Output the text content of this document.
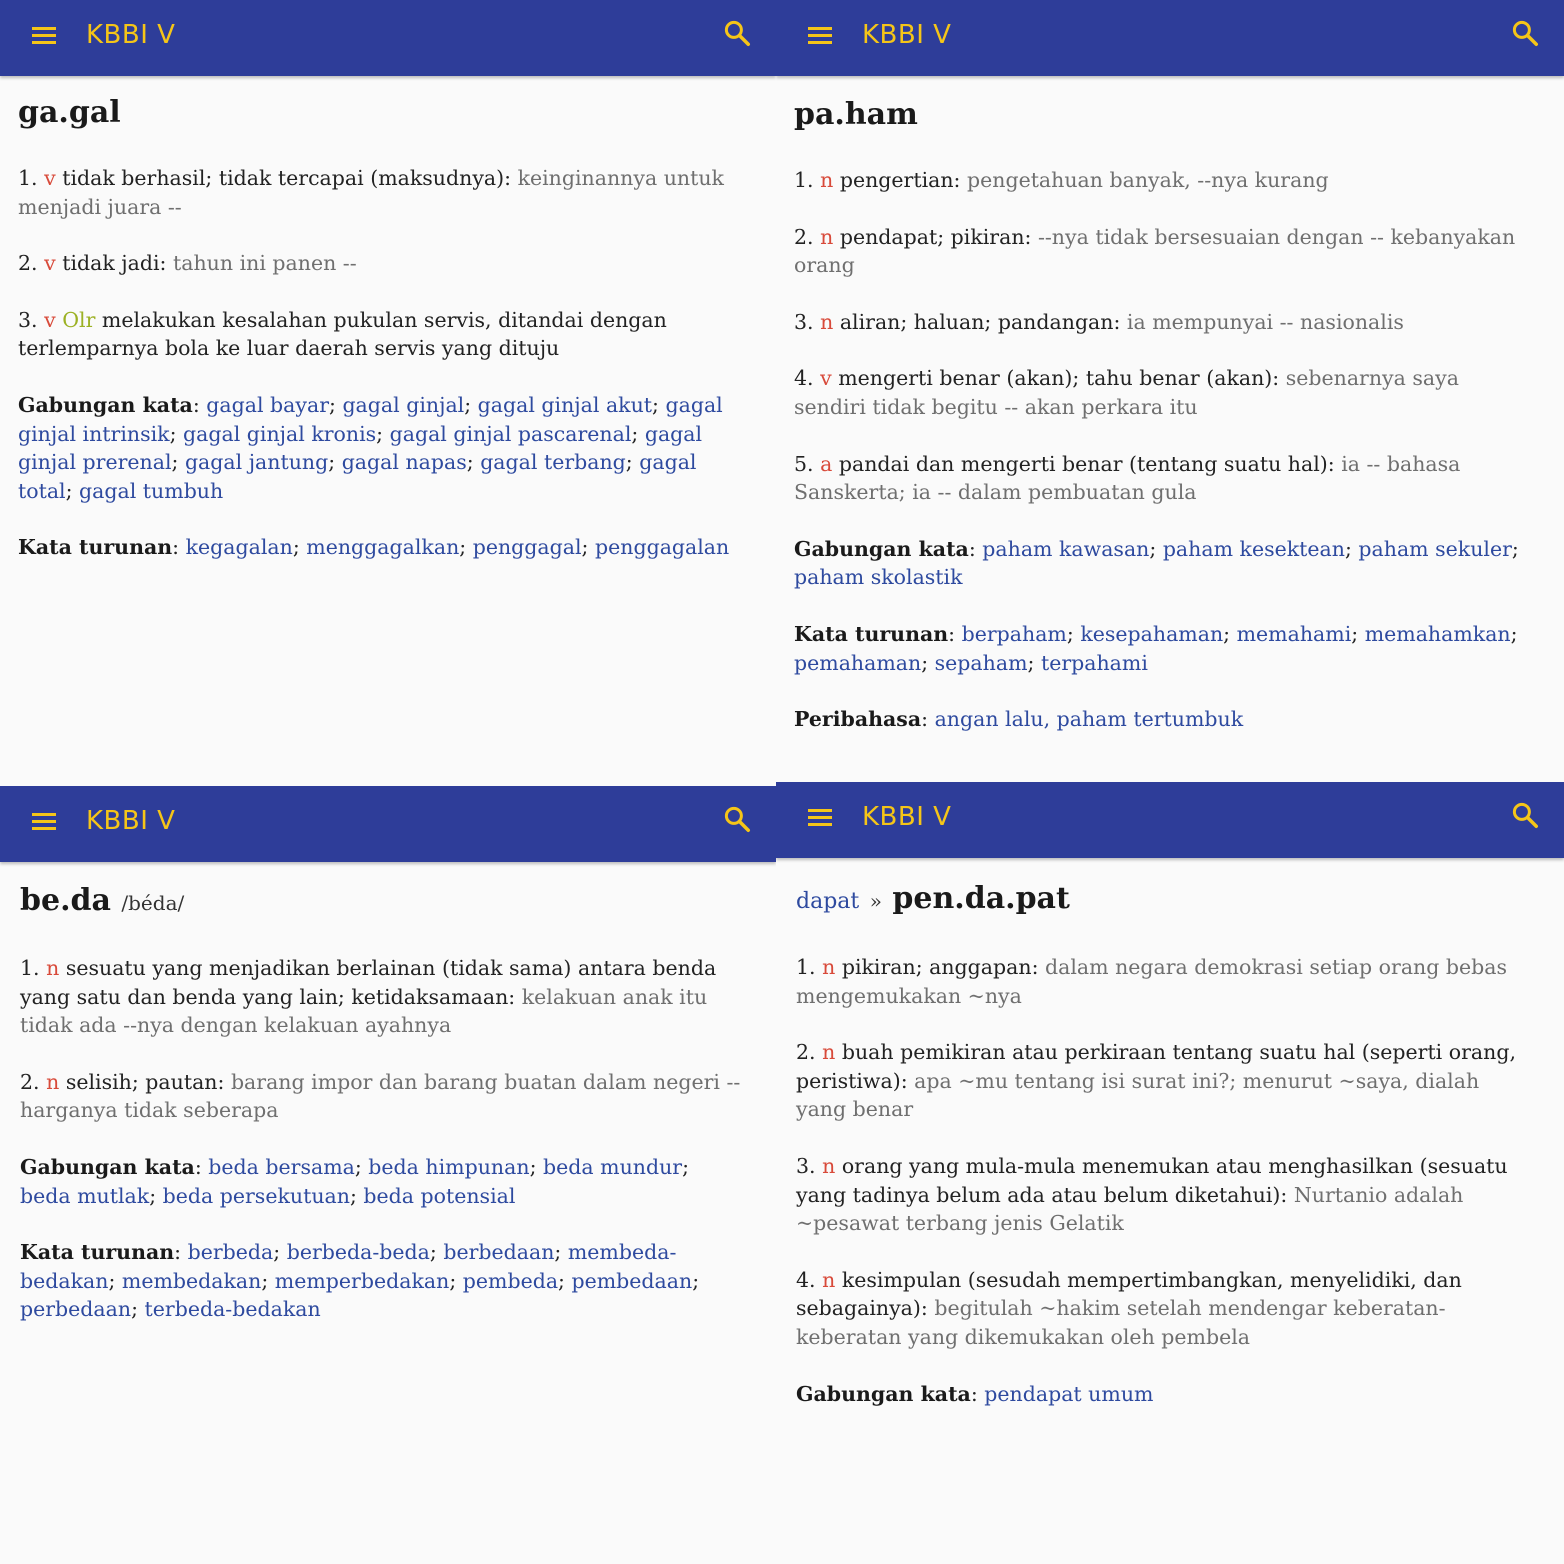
KBBI V
ga.gal
1. v tidak berhasil; tidak tercapai (maksudnya): keinginannya untuk menjadi juara --
2. v tidak jadi: tahun ini panen --
3. v Olr melakukan kesalahan pukulan servis, ditandai dengan terlemparnya bola ke luar daerah servis yang dituju
Gabungan kata: gagal bayar; gagal ginjal; gagal ginjal akut; gagal ginjal intrinsik; gagal ginjal kronis; gagal ginjal pascarenal; gagal ginjal prerenal; gagal jantung; gagal napas; gagal terbang; gagal total; gagal tumbuh
Kata turunan: kegagalan; menggagalkan; penggagal; penggagalan
KBBI V
pa.ham
1. n pengertian: pengetahuan banyak, --nya kurang
2. n pendapat; pikiran: --nya tidak bersesuaian dengan -- kebanyakan orang
3. n aliran; haluan; pandangan: ia mempunyai -- nasionalis
4. v mengerti benar (akan); tahu benar (akan): sebenarnya saya sendiri tidak begitu -- akan perkara itu
5. a pandai dan mengerti benar (tentang suatu hal): ia -- bahasa Sanskerta; ia -- dalam pembuatan gula
Gabungan kata: paham kawasan; paham kesektean; paham sekuler; paham skolastik
Kata turunan: berpaham; kesepahaman; memahami; memahamkan; pemahaman; sepaham; terpahami
Peribahasa: angan lalu, paham tertumbuk
KBBI V
be.da /béda/
1. n sesuatu yang menjadikan berlainan (tidak sama) antara benda yang satu dan benda yang lain; ketidaksamaan: kelakuan anak itu tidak ada --nya dengan kelakuan ayahnya
2. n selisih; pautan: barang impor dan barang buatan dalam negeri --harganya tidak seberapa
Gabungan kata: beda bersama; beda himpunan; beda mundur; beda mutlak; beda persekutuan; beda potensial
Kata turunan: berbeda; berbeda-beda; berbedaan; membeda-bedakan; membedakan; memperbedakan; pembeda; pembedaan; perbedaan; terbeda-bedakan
KBBI V
dapat » pen.da.pat
1. n pikiran; anggapan: dalam negara demokrasi setiap orang bebas mengemukakan ~nya
2. n buah pemikiran atau perkiraan tentang suatu hal (seperti orang, peristiwa): apa ~mu tentang isi surat ini?; menurut ~saya, dialah yang benar
3. n orang yang mula-mula menemukan atau menghasilkan (sesuatu yang tadinya belum ada atau belum diketahui): Nurtanio adalah ~pesawat terbang jenis Gelatik
4. n kesimpulan (sesudah mempertimbangkan, menyelidiki, dan sebagainya): begitulah ~hakim setelah mendengar keberatan-keberatan yang dikemukakan oleh pembela
Gabungan kata: pendapat umum
